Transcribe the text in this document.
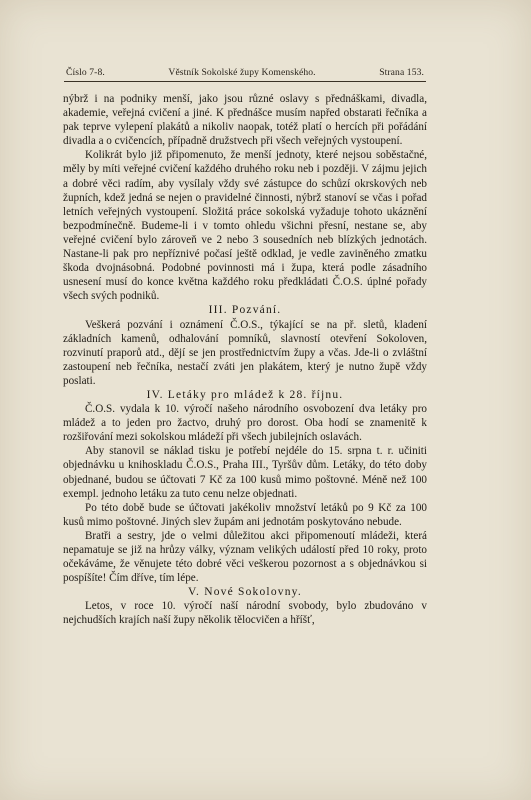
Číslo 7-8.	Věstník Sokolské župy Komenského.	Strana 153.

nýbrž i na podniky menší, jako jsou různé oslavy s přednáškami, divadla, akademie, veřejná cvičení a jiné. K přednášce musím napřed obstarati řečníka a pak teprve vylepení plakátů a nikoliv naopak, totéž platí o hercích při pořádání divadla a o cvičencích, případně družstvech při všech veřejných vystoupení.

Kolikrát bylo již připomenuto, že menší jednoty, které nejsou soběstačné, měly by míti veřejné cvičení každého druhého roku neb i později. V zájmu jejich a dobré věci radím, aby vysílaly vždy své zástupce do schůzí okrskových neb župních, kdež jedná se nejen o pravidelné činnosti, nýbrž stanoví se včas i pořad letních veřejných vystoupení. Složitá práce sokolská vyžaduje tohoto ukáznění bezpodmínečně. Budeme-li i v tomto ohledu všichni přesní, nestane se, aby veřejné cvičení bylo zároveň ve 2 nebo 3 sousedních neb blízkých jednotách. Nastane-li pak pro nepříznivé počasí ještě odklad, je vedle zaviněného zmatku škoda dvojnásobná. Podobné povinnosti má i župa, která podle zásadního usnesení musí do konce května každého roku předkládati Č.O.S. úplné pořady všech svých podniků.

III. Pozvání.

Veškerá pozvání i oznámení Č.O.S., týkající se na př. sletů, kladení základních kamenů, odhalování pomníků, slavností otevření Sokoloven, rozvinutí praporů atd., dějí se jen prostřednictvím župy a včas. Jde-li o zvláštní zastoupení neb řečníka, nestačí zváti jen plakátem, který je nutno župě vždy poslati.

IV. Letáky pro mládež k 28. říjnu.

Č.O.S. vydala k 10. výročí našeho národního osvobození dva letáky pro mládež a to jeden pro žactvo, druhý pro dorost. Oba hodí se znamenitě k rozšiřování mezi sokolskou mládeží při všech jubilejních oslavách.

Aby stanovil se náklad tisku je potřebí nejdéle do 15. srpna t. r. učiniti objednávku u knihoskladu Č.O.S., Praha III., Tyršův dům. Letáky, do této doby objednané, budou se účtovati 7 Kč za 100 kusů mimo poštovné. Méně než 100 exempl. jednoho letáku za tuto cenu nelze objednati.

Po této době bude se účtovati jakékoliv množství letáků po 9 Kč za 100 kusů mimo poštovné. Jiných slev župám ani jednotám poskytováno nebude.

Bratři a sestry, jde o velmi důležitou akci připomenoutí mládeži, která nepamatuje se již na hrůzy války, význam velikých událostí před 10 roky, proto očekáváme, že věnujete této dobré věci veškerou pozornost a s objednávkou si pospíšíte! Čím dříve, tím lépe.

V. Nové Sokolovny.

Letos, v roce 10. výročí naší národní svobody, bylo zbudováno v nejchudších krajích naší župy několik tělocvičen a hříšť,
